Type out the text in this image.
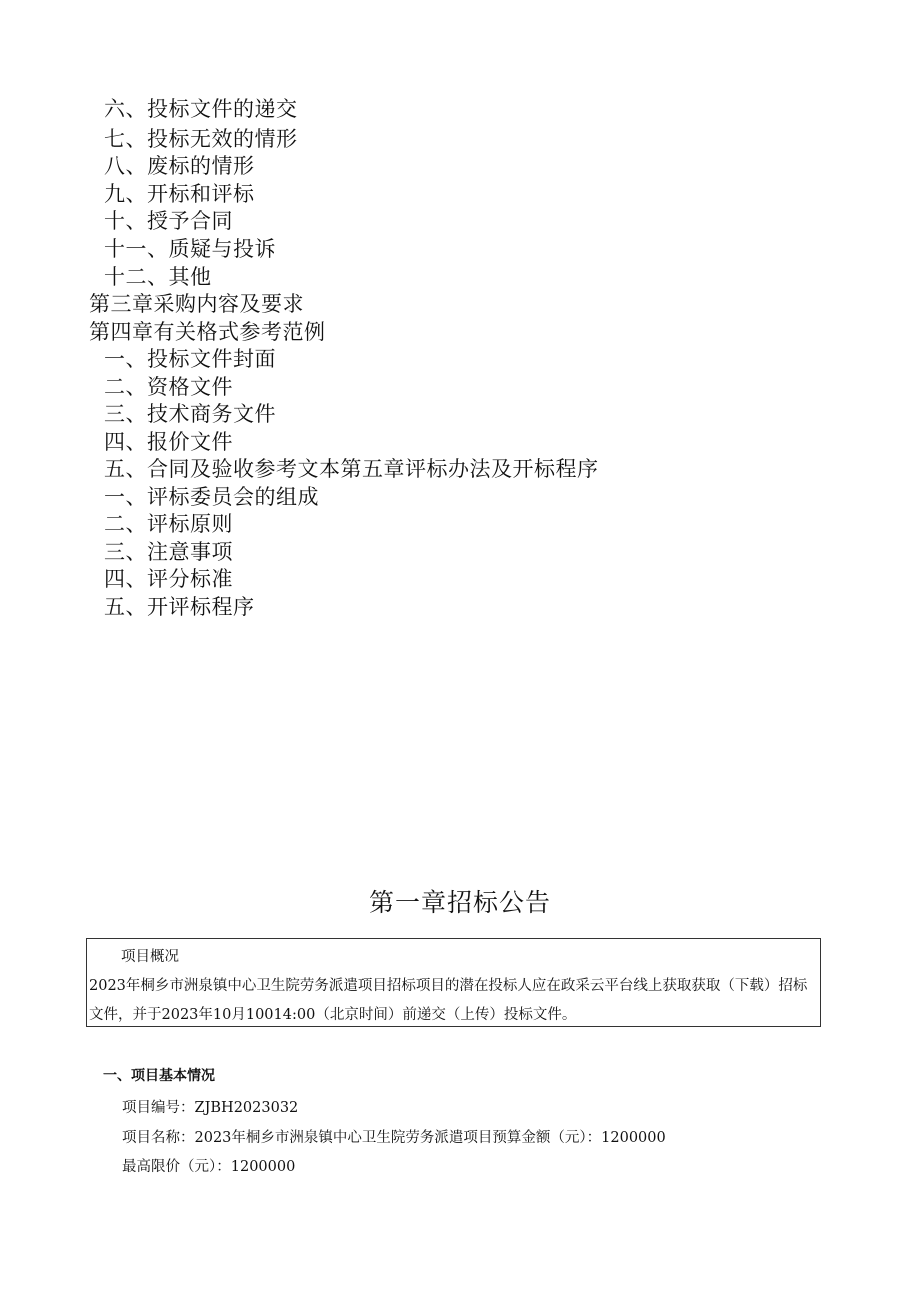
六、投标文件的递交
七、投标无效的情形
八、废标的情形
九、开标和评标
十、授予合同
十一、质疑与投诉
十二、其他
第三章采购内容及要求
第四章有关格式参考范例
一、投标文件封面
二、资格文件
三、技术商务文件
四、报价文件
五、合同及验收参考文本第五章评标办法及开标程序
一、评标委员会的组成
二、评标原则
三、注意事项
四、评分标准
五、开评标程序
第一章招标公告
项目概况
2023年桐乡市洲泉镇中心卫生院劳务派遣项目招标项目的潜在投标人应在政采云平台线上获取获取（下载）招标文件，并于2023年10月10014:00（北京时间）前递交（上传）投标文件。
一、项目基本情况
项目编号：ZJBH2023032
项目名称：2023年桐乡市洲泉镇中心卫生院劳务派遣项目预算金额（元）：1200000
最高限价（元）：1200000
